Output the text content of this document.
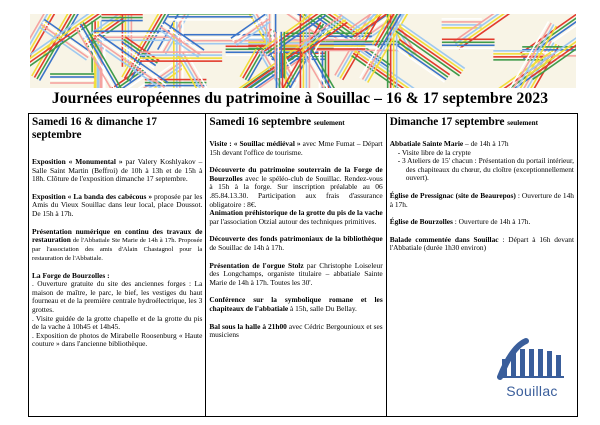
Journées européennes du patrimoine à Souillac – 16 & 17 septembre 2023
Samedi 16 & dimanche 17 septembre

Exposition « Monumental » par Valery Koshlyakov – Salle Saint Martin (Beffroi) de 10h à 13h et de 15h à 18h. Clôture de l'exposition dimanche 17 septembre.

Exposition « La banda des cabécous » proposée par les Amis du Vieux Souillac dans leur local, place Doussot. De 15h à 17h.

Présentation numérique en continu des travaux de restauration de l'Abbatiale Ste Marie de 14h à 17h. Proposée par l'association des amis d'Alain Chastagnol pour la restauration de l'Abbatiale.

La Forge de Bourzolles :

. Ouverture gratuite du site des anciennes forges : La maison de maître, le parc, le bief, les vestiges du haut fourneau et de la première centrale hydroélectrique, les 3 grottes.

. Visite guidée de la grotte chapelle et de la grotte du pis de la vache à 10h45 et 14h45.

. Exposition de photos de Mirabelle Roosenburg « Haute couture » dans l'ancienne bibliothèque.

Samedi 16 septembre seulement

Visite : « Souillac médiéval » avec Mme Fumat – Départ 15h devant l'office de tourisme.

Découverte du patrimoine souterrain de la Forge de Bourzolles avec le spéléo-club de Souillac. Rendez-vous à 15h à la forge. Sur inscription préalable au 06 .85.84.13.30. Participation aux frais d'assurance obligatoire : 8€.

Animation préhistorique de la grotte du pis de la vache par l'association Otzial autour des techniques primitives.

Découverte des fonds patrimoniaux de la bibliothèque de Souillac de 14h à 17h.

Présentation de l'orgue Stolz par Christophe Loiseleur des Longchamps, organiste titulaire – abbatiale Sainte Marie de 14h à 17h. Toutes les 30'.

Conférence sur la symbolique romane et les chapiteaux de l'abbatiale à 15h, salle Du Bellay.

Bal sous la halle à 21h00 avec Cédric Bergounioux et ses musiciens

Dimanche 17 septembre seulement

Abbatiale Sainte Marie – de 14h à 17h

- Visite libre de la crypte

- 3 Ateliers de 15' chacun : Présentation du portail intérieur, des chapiteaux du chœur, du cloître (exceptionnellement ouvert).

Église de Pressignac (site de Beaurepos) : Ouverture de 14h à 17h.

Église de Bourzolles : Ouverture de 14h à 17h.

Balade commentée dans Souillac : Départ à 16h devant l'Abbatiale (durée 1h30 environ)

Souillac
